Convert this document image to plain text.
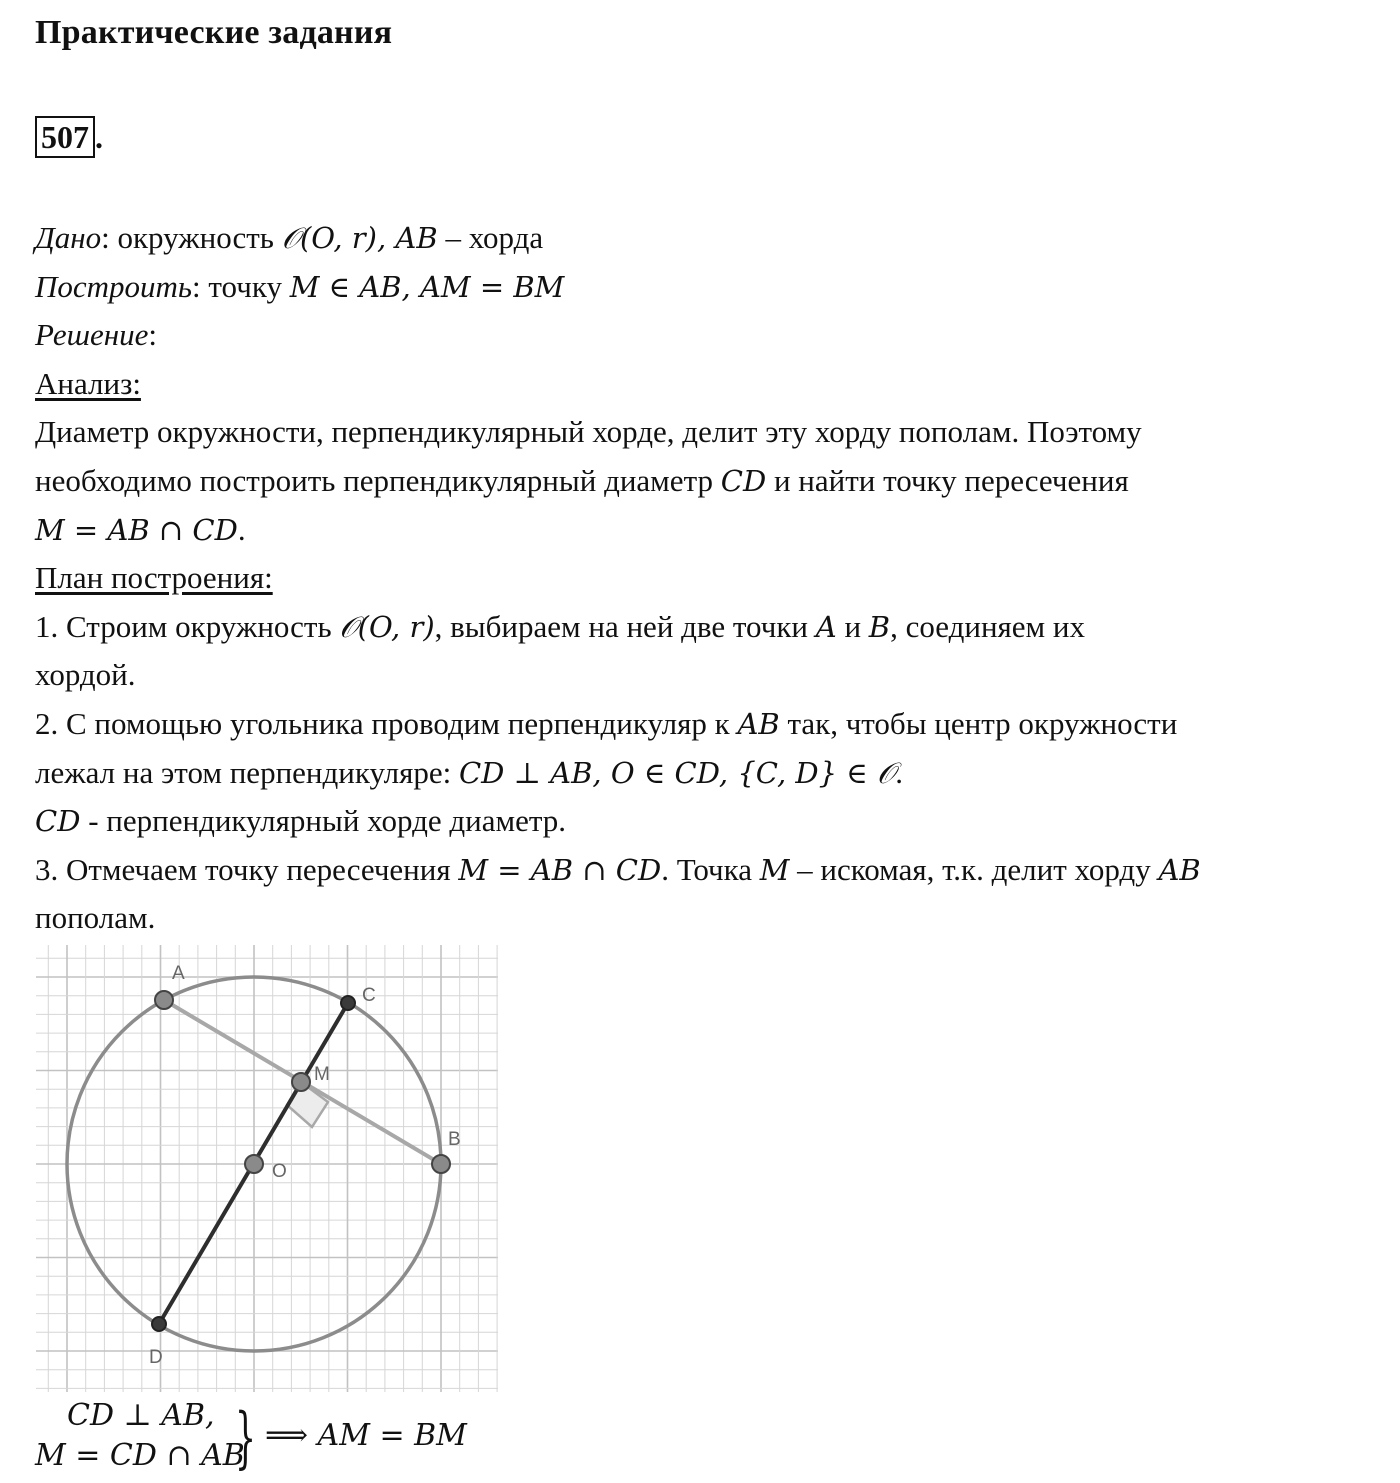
Практические задания
507 .
Дано: окружность 𝒪(O, r), AB – хорда
Построить: точку M ∈ AB, AM = BM
Решение:
Анализ:
Диаметр окружности, перпендикулярный хорде, делит эту хорду пополам. Поэтому
необходимо построить перпендикулярный диаметр CD и найти точку пересечения
M = AB ∩ CD.
План построения:
1. Строим окружность 𝒪(O, r), выбираем на ней две точки A и B, соединяем их
хордой.
2. С помощью угольника проводим перпендикуляр к AB так, чтобы центр окружности
лежал на этом перпендикуляре: CD ⊥ AB, O ∈ CD, {C, D} ∈ 𝒪.
CD - перпендикулярный хорде диаметр.
3. Отмечаем точку пересечения M = AB ∩ CD. Точка M – искомая, т.к. делит хорду AB
пополам.
A
B
C
D
M
O
CD ⊥ AB,
M = CD ∩ AB
} ⟹ AM = BM
